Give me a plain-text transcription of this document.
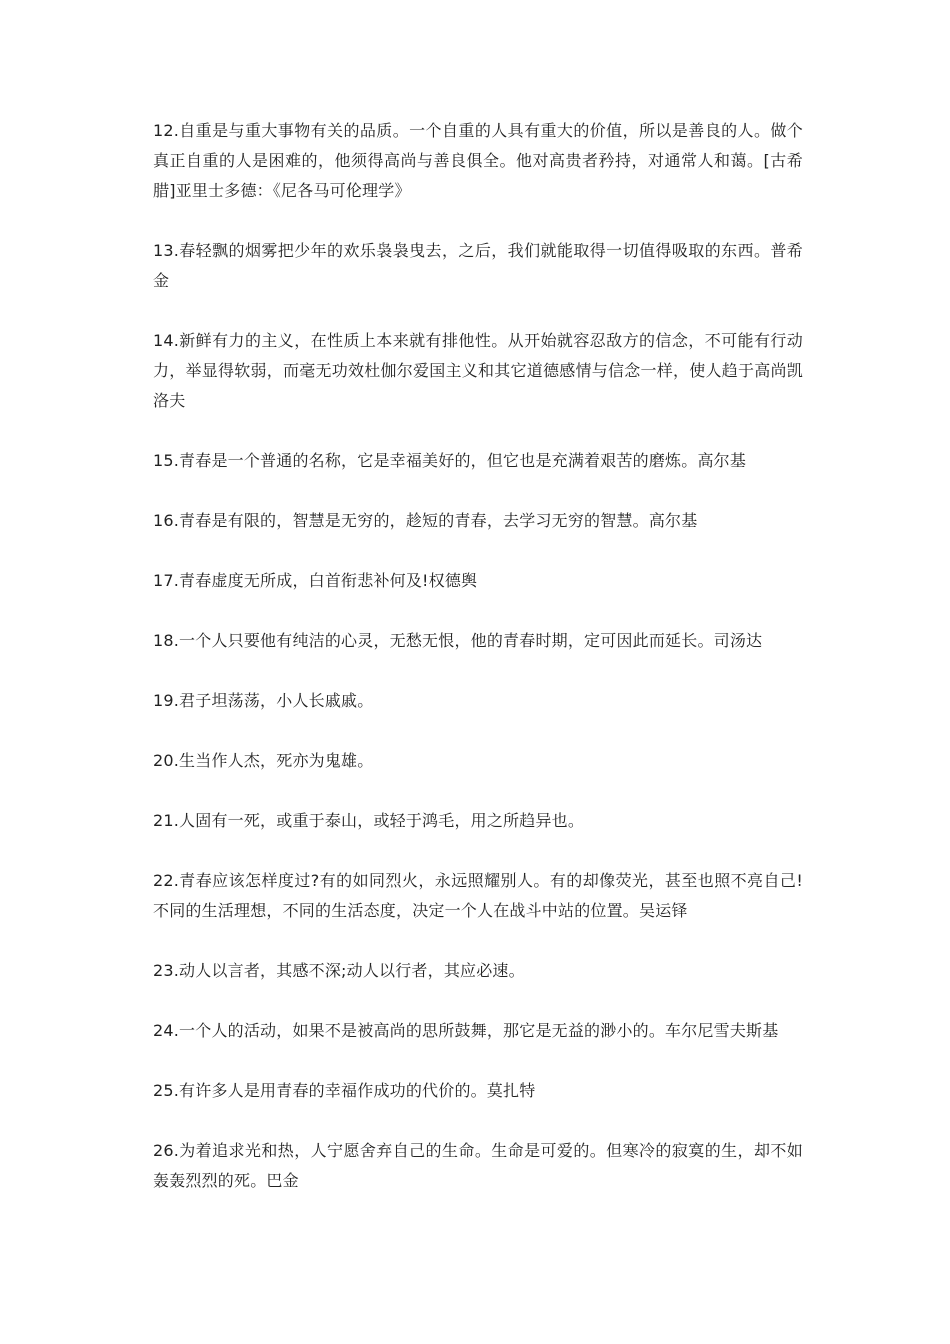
12.自重是与重大事物有关的品质。一个自重的人具有重大的价值，所以是善良的人。做个真正自重的人是困难的，他须得高尚与善良俱全。他对高贵者矜持，对通常人和蔼。[古希腊]亚里士多德：《尼各马可伦理学》

13.春轻飘的烟雾把少年的欢乐袅袅曳去，之后，我们就能取得一切值得吸取的东西。普希金

14.新鲜有力的主义，在性质上本来就有排他性。从开始就容忍敌方的信念，不可能有行动力，举显得软弱，而毫无功效杜伽尔爱国主义和其它道德感情与信念一样，使人趋于高尚凯洛夫

15.青春是一个普通的名称，它是幸福美好的，但它也是充满着艰苦的磨炼。高尔基

16.青春是有限的，智慧是无穷的，趁短的青春，去学习无穷的智慧。高尔基

17.青春虚度无所成，白首衔悲补何及!权德舆

18.一个人只要他有纯洁的心灵，无愁无恨，他的青春时期，定可因此而延长。司汤达

19.君子坦荡荡，小人长戚戚。

20.生当作人杰，死亦为鬼雄。

21.人固有一死，或重于泰山，或轻于鸿毛，用之所趋异也。

22.青春应该怎样度过?有的如同烈火，永远照耀别人。有的却像荧光，甚至也照不亮自己!不同的生活理想，不同的生活态度，决定一个人在战斗中站的位置。吴运铎

23.动人以言者，其感不深;动人以行者，其应必速。

24.一个人的活动，如果不是被高尚的思所鼓舞，那它是无益的渺小的。车尔尼雪夫斯基

25.有许多人是用青春的幸福作成功的代价的。莫扎特

26.为着追求光和热，人宁愿舍弃自己的生命。生命是可爱的。但寒冷的寂寞的生，却不如轰轰烈烈的死。巴金
